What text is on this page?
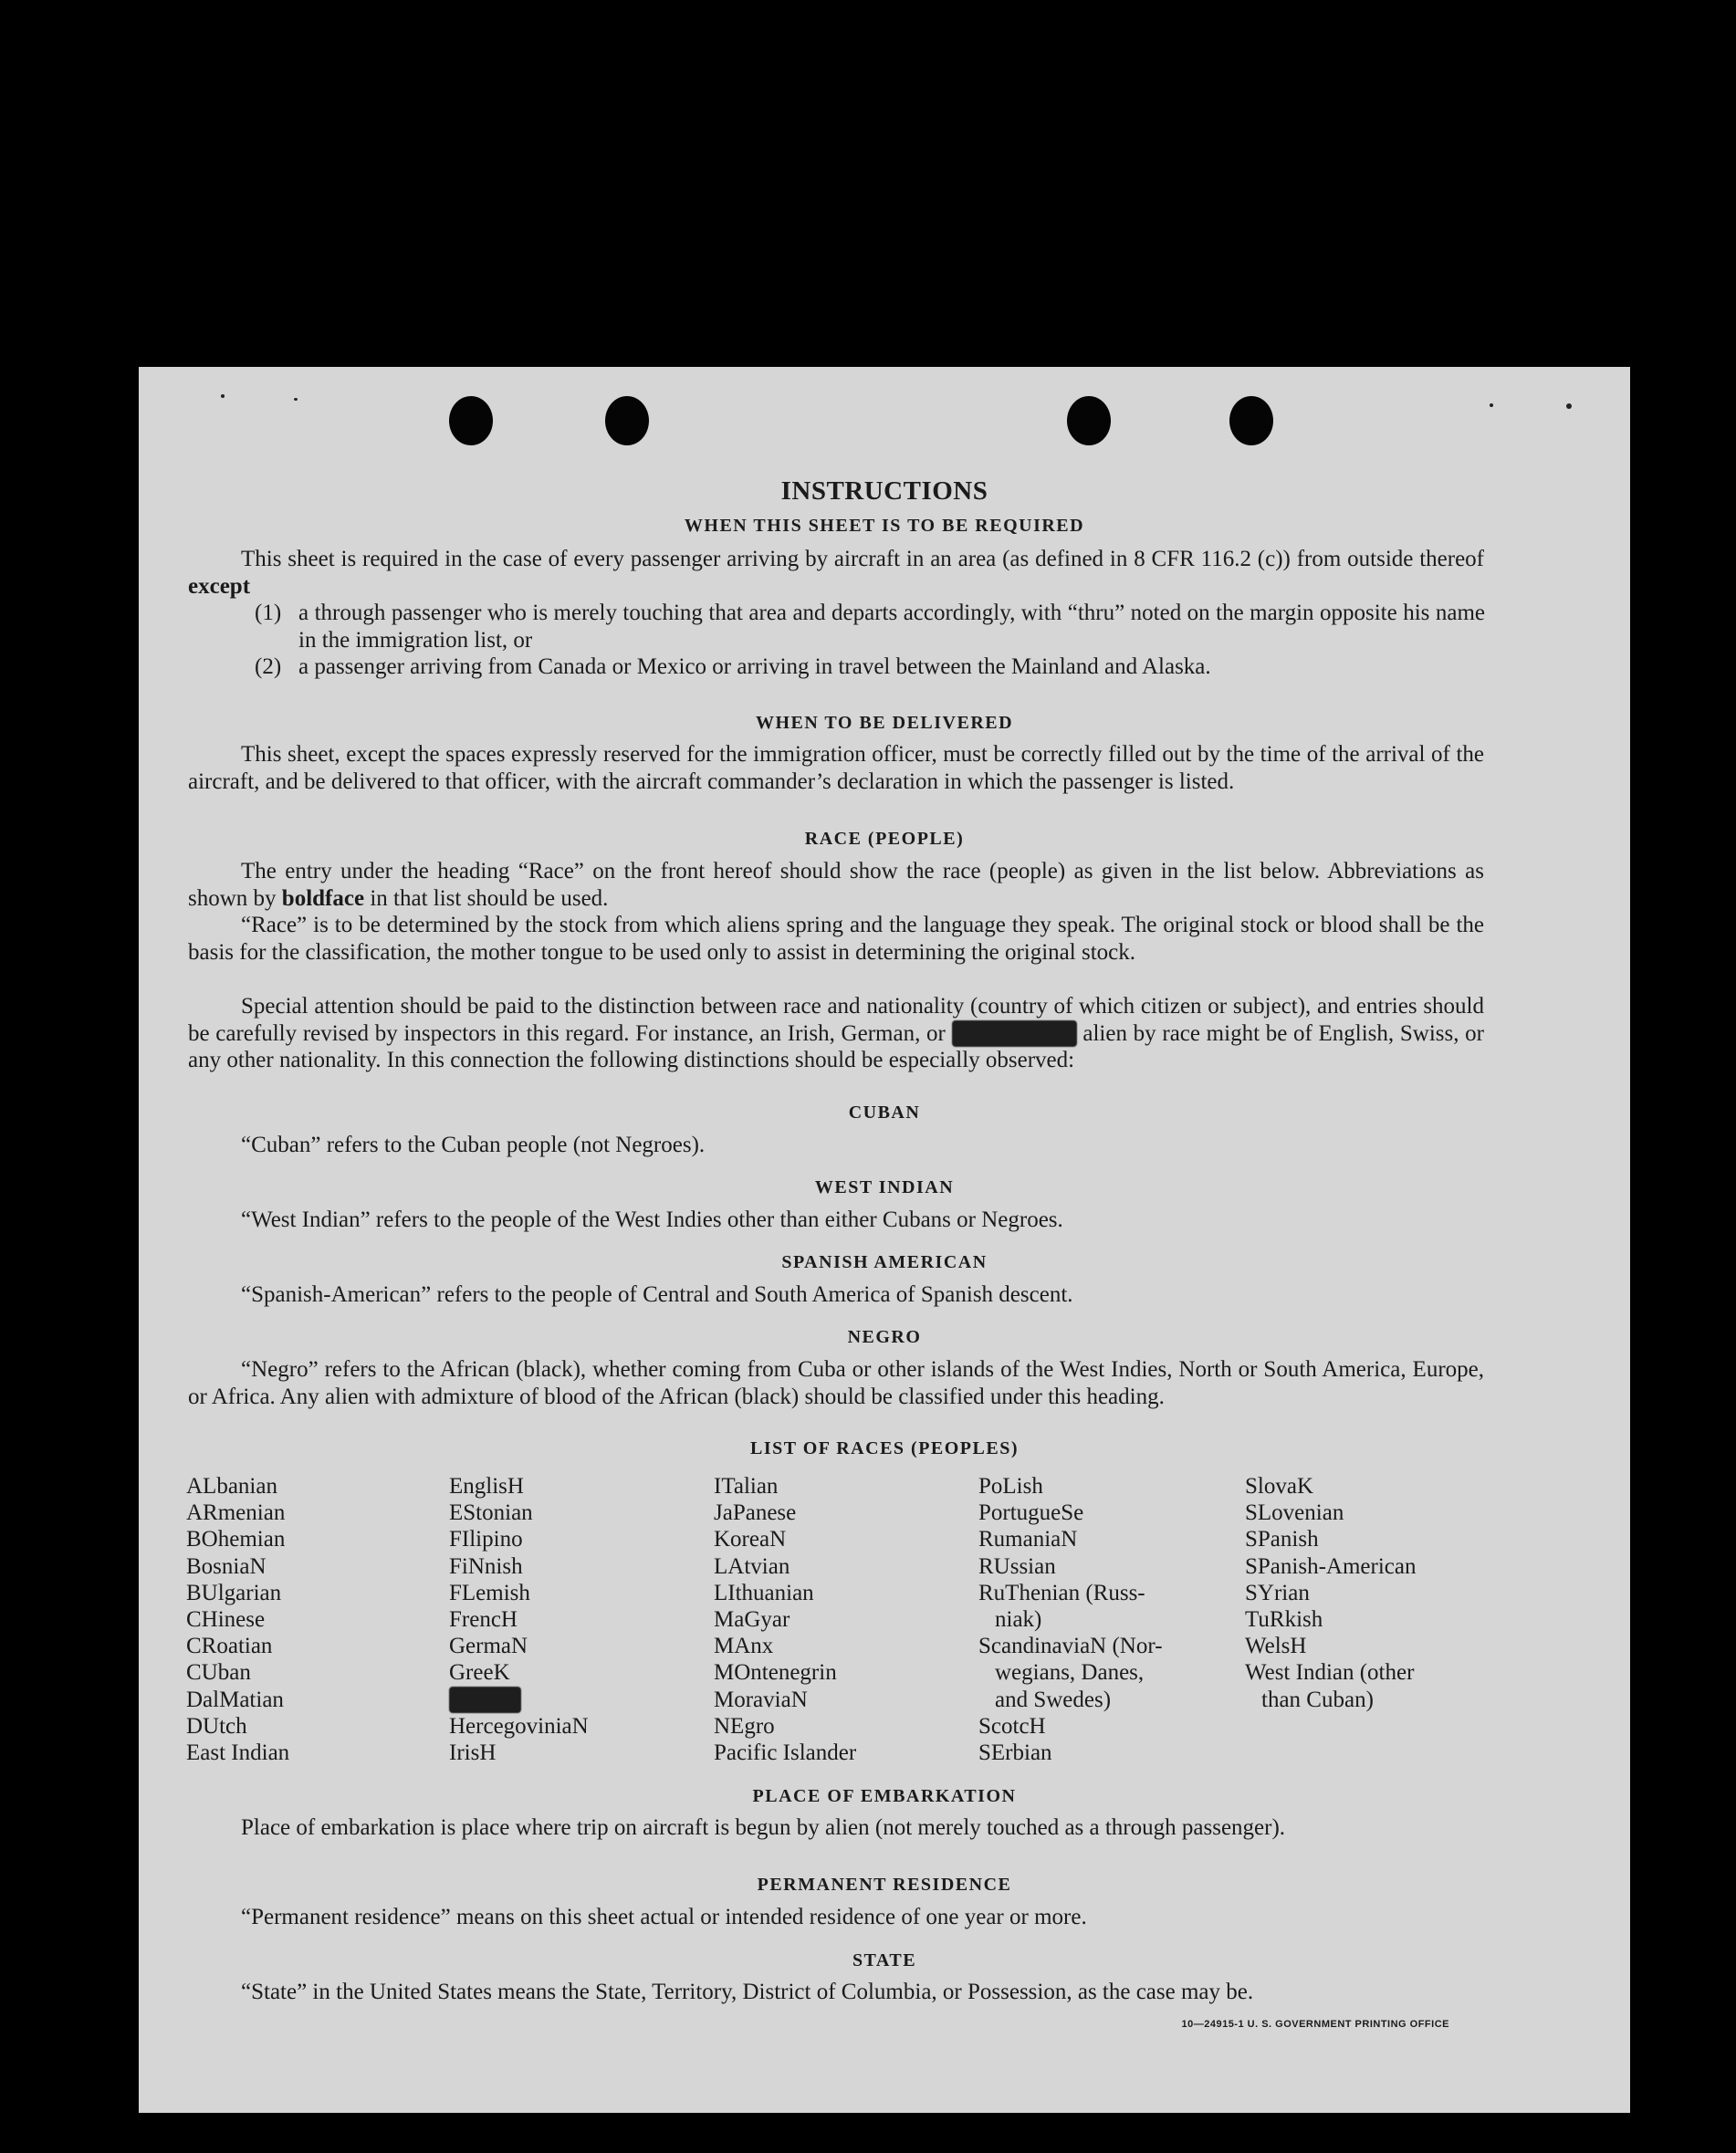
INSTRUCTIONS
WHEN THIS SHEET IS TO BE REQUIRED
This sheet is required in the case of every passenger arriving by aircraft in an area (as defined in 8 CFR 116.2 (c)) from outside thereof except
(1) a through passenger who is merely touching that area and departs accordingly, with “thru” noted on the margin opposite his name in the immigration list, or
(2) a passenger arriving from Canada or Mexico or arriving in travel between the Mainland and Alaska.
WHEN TO BE DELIVERED
This sheet, except the spaces expressly reserved for the immigration officer, must be correctly filled out by the time of the arrival of the aircraft, and be delivered to that officer, with the aircraft commander’s declaration in which the passenger is listed.
RACE (PEOPLE)
The entry under the heading “Race” on the front hereof should show the race (people) as given in the list below. Abbreviations as shown by boldface in that list should be used.
“Race” is to be determined by the stock from which aliens spring and the language they speak. The original stock or blood shall be the basis for the classification, the mother tongue to be used only to assist in determining the original stock.
Special attention should be paid to the distinction between race and nationality (country of which citizen or subject), and entries should be carefully revised by inspectors in this regard. For instance, an Irish, German, or	alien by race might be of English, Swiss, or any other nationality. In this connection the following distinctions should be especially observed:
CUBAN
“Cuban” refers to the Cuban people (not Negroes).
WEST INDIAN
“West Indian” refers to the people of the West Indies other than either Cubans or Negroes.
SPANISH AMERICAN
“Spanish-American” refers to the people of Central and South America of Spanish descent.
NEGRO
“Negro” refers to the African (black), whether coming from Cuba or other islands of the West Indies, North or South America, Europe, or Africa. Any alien with admixture of blood of the African (black) should be classified under this heading.
LIST OF RACES (PEOPLES)
ALbanian
ARmenian
BOhemian
BosniaN
BUlgarian
CHinese
CRoatian
CUban
DalMatian
DUtch
East Indian
EnglisH
EStonian
FIlipino
FiNnish
FLemish
FrencH
GermaN
GreeK
HercegoviniaN
IrisH
ITalian
JaPanese
KoreaN
LAtvian
LIthuanian
MaGyar
MAnx
MOntenegrin
MoraviaN
NEgro
Pacific Islander
PoLish
PortugueSe
RumaniaN
RUssian
RuThenian (Russ-
niak)
ScandinaviaN (Nor-
wegians, Danes,
and Swedes)
ScotcH
SErbian
SlovaK
SLovenian
SPanish
SPanish-American
SYrian
TuRkish
WelsH
West Indian (other
than Cuban)
PLACE OF EMBARKATION
Place of embarkation is place where trip on aircraft is begun by alien (not merely touched as a through passenger).
PERMANENT RESIDENCE
“Permanent residence” means on this sheet actual or intended residence of one year or more.
STATE
“State” in the United States means the State, Territory, District of Columbia, or Possession, as the case may be.
10—24915-1 U. S. GOVERNMENT PRINTING OFFICE
